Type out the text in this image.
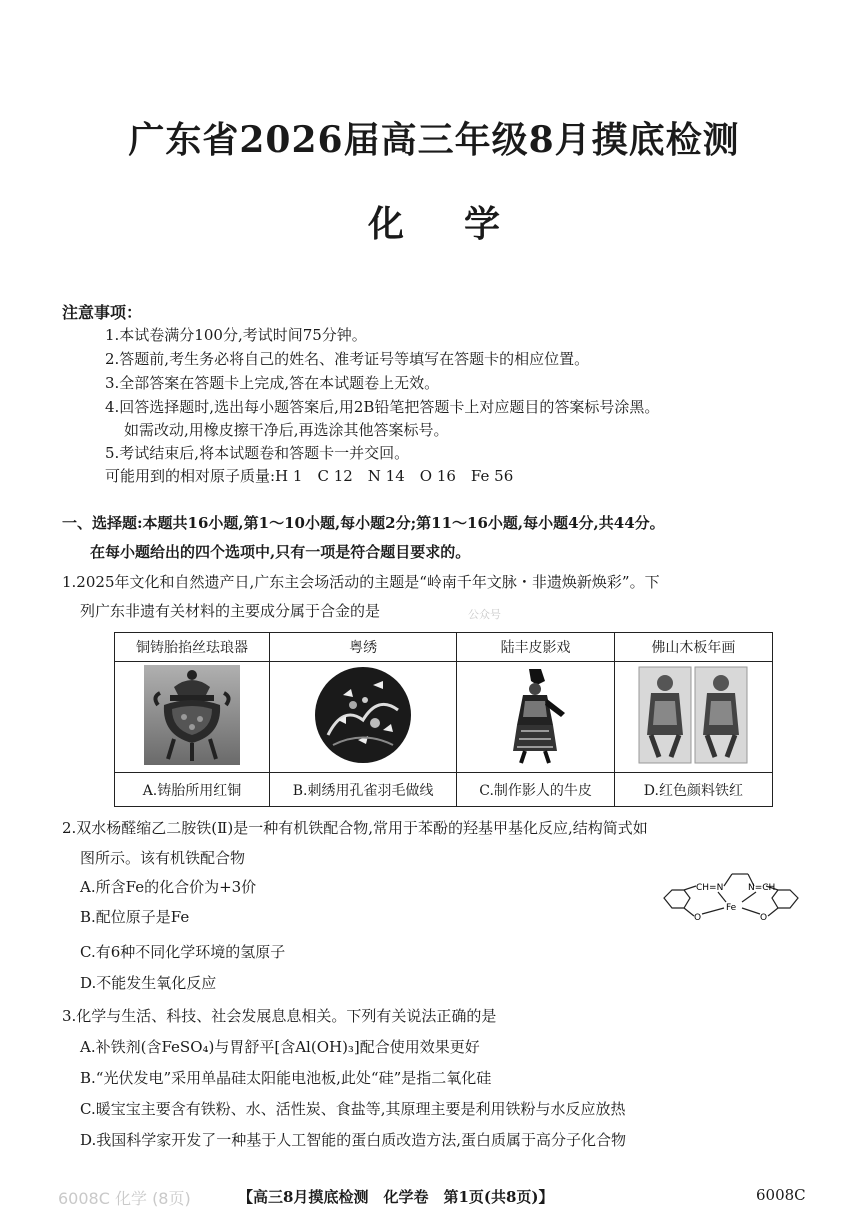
广东省2026届高三年级8月摸底检测
化学
注意事项：
1.本试卷满分100分,考试时间75分钟。
2.答题前,考生务必将自己的姓名、准考证号等填写在答题卡的相应位置。
3.全部答案在答题卡上完成,答在本试题卷上无效。
4.回答选择题时,选出每小题答案后,用2B铅笔把答题卡上对应题目的答案标号涂黑。
如需改动,用橡皮擦干净后,再选涂其他答案标号。
5.考试结束后,将本试题卷和答题卡一并交回。
可能用到的相对原子质量:H 1　C 12　N 14　O 16　Fe 56
一、选择题:本题共16小题,第1～10小题,每小题2分;第11～16小题,每小题4分,共44分。
在每小题给出的四个选项中,只有一项是符合题目要求的。
1.2025年文化和自然遗产日,广东主会场活动的主题是“岭南千年文脉・非遗焕新焕彩”。下
列广东非遗有关材料的主要成分属于合金的是	公众号
铜铸胎掐丝珐琅器	粤绣	陆丰皮影戏	佛山木板年画

A.铸胎所用红铜	B.刺绣用孔雀羽毛做线	C.制作影人的牛皮	D.红色颜料铁红
2.双水杨醛缩乙二胺铁(Ⅱ)是一种有机铁配合物,常用于苯酚的羟基甲基化反应,结构简式如
图所示。该有机铁配合物
A.所含Fe的化合价为+3价
B.配位原子是Fe
C.有6种不同化学环境的氢原子
D.不能发生氧化反应
CH=N	N=CH
Fe
O	O
3.化学与生活、科技、社会发展息息相关。下列有关说法正确的是
A.补铁剂(含FeSO₄)与胃舒平[含Al(OH)₃]配合使用效果更好
B.“光伏发电”采用单晶硅太阳能电池板,此处“硅”是指二氧化硅
C.暖宝宝主要含有铁粉、水、活性炭、食盐等,其原理主要是利用铁粉与水反应放热
D.我国科学家开发了一种基于人工智能的蛋白质改造方法,蛋白质属于高分子化合物
6008C 化学 (8页)	【高三8月摸底检测　化学卷　第1页(共8页)】	6008C
